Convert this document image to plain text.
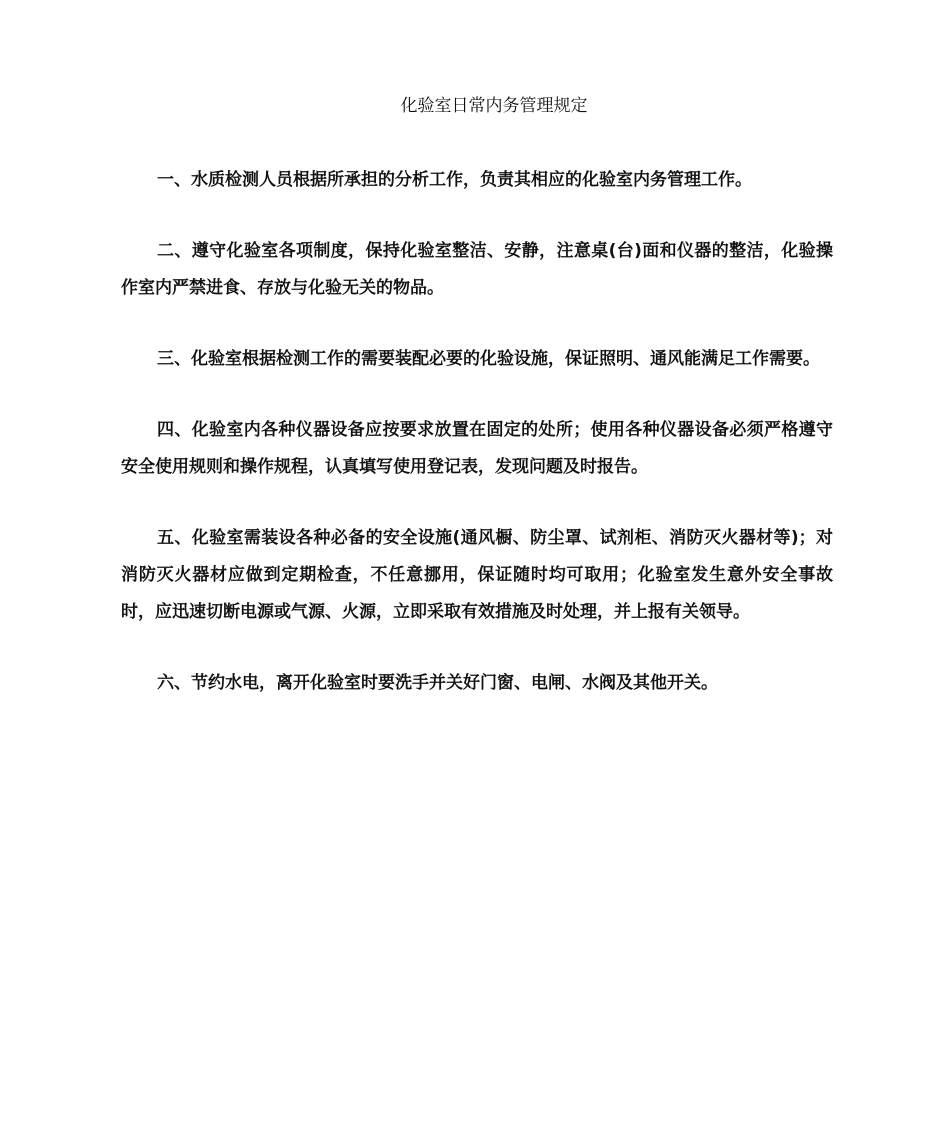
化验室日常内务管理规定

一、水质检测人员根据所承担的分析工作，负责其相应的化验室内务管理工作。

二、遵守化验室各项制度，保持化验室整洁、安静，注意桌(台)面和仪器的整洁，化验操作室内严禁进食、存放与化验无关的物品。

三、化验室根据检测工作的需要装配必要的化验设施，保证照明、通风能满足工作需要。

四、化验室内各种仪器设备应按要求放置在固定的处所；使用各种仪器设备必须严格遵守安全使用规则和操作规程，认真填写使用登记表，发现问题及时报告。

五、化验室需装设各种必备的安全设施(通风橱、防尘罩、试剂柜、消防灭火器材等)；对消防灭火器材应做到定期检查，不任意挪用，保证随时均可取用；化验室发生意外安全事故时，应迅速切断电源或气源、火源，立即采取有效措施及时处理，并上报有关领导。

六、节约水电，离开化验室时要洗手并关好门窗、电闸、水阀及其他开关。
